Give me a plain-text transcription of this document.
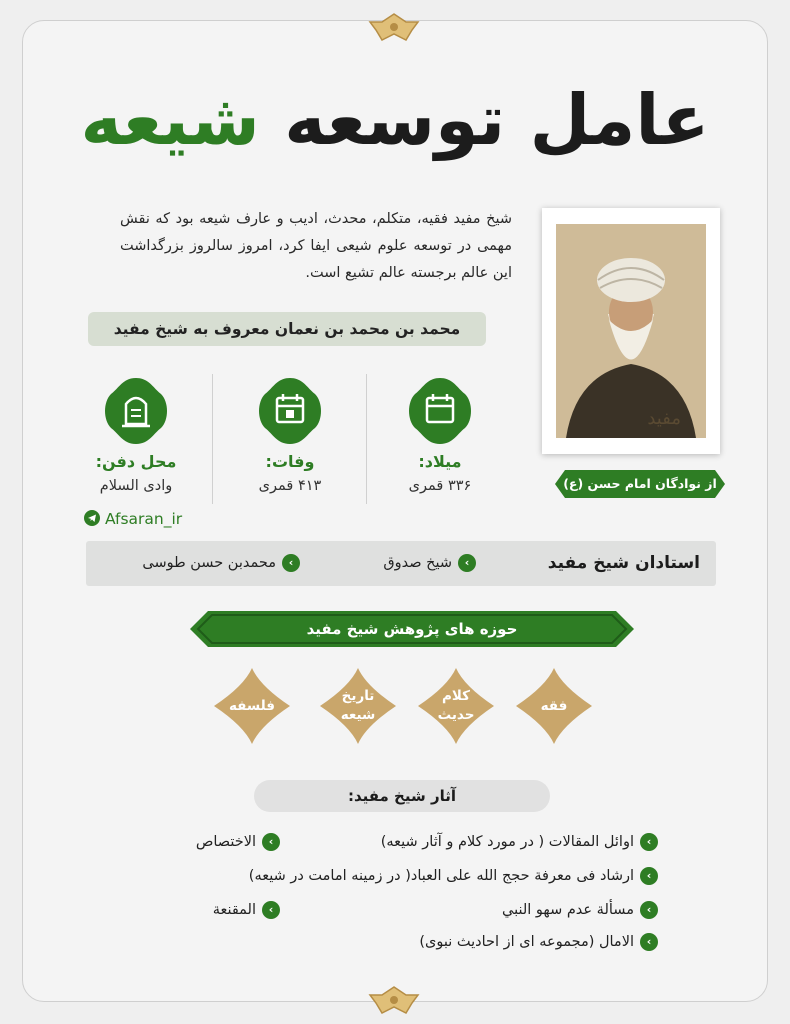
عامل توسعه شیعه
شیخ مفید فقیه، متکلم، محدث، ادیب و عارف شیعه بود که نقش مهمی در توسعه علوم شیعی ایفا کرد، امروز سالروز بزرگداشت این عالم برجسته عالم تشیع است.
محمد بن محمد بن نعمان معروف به شیخ مفید
مفید
از نوادگان امام حسن (ع)
میلاد:
۳۳۶ قمری
وفات:
۴۱۳ قمری
محل دفن:
وادی السلام
Afsaran_ir
استادان شیخ مفید
›شیخ صدوق
›محمدبن حسن طوسی
حوزه های پژوهش شیخ مفید
فقه
کلام
حدیث
تاریخ
شیعه
فلسفه
آثار شیخ مفید:
›اوائل المقالات ( در مورد کلام و آثار شیعه)
›ارشاد فی معرفة حجج الله علی العباد( در زمینه امامت در شیعه)
›مسألة عدم سهو النبي
›الامال (مجموعه ای از احادیث نبوی)
›الاختصاص
›المقنعة
